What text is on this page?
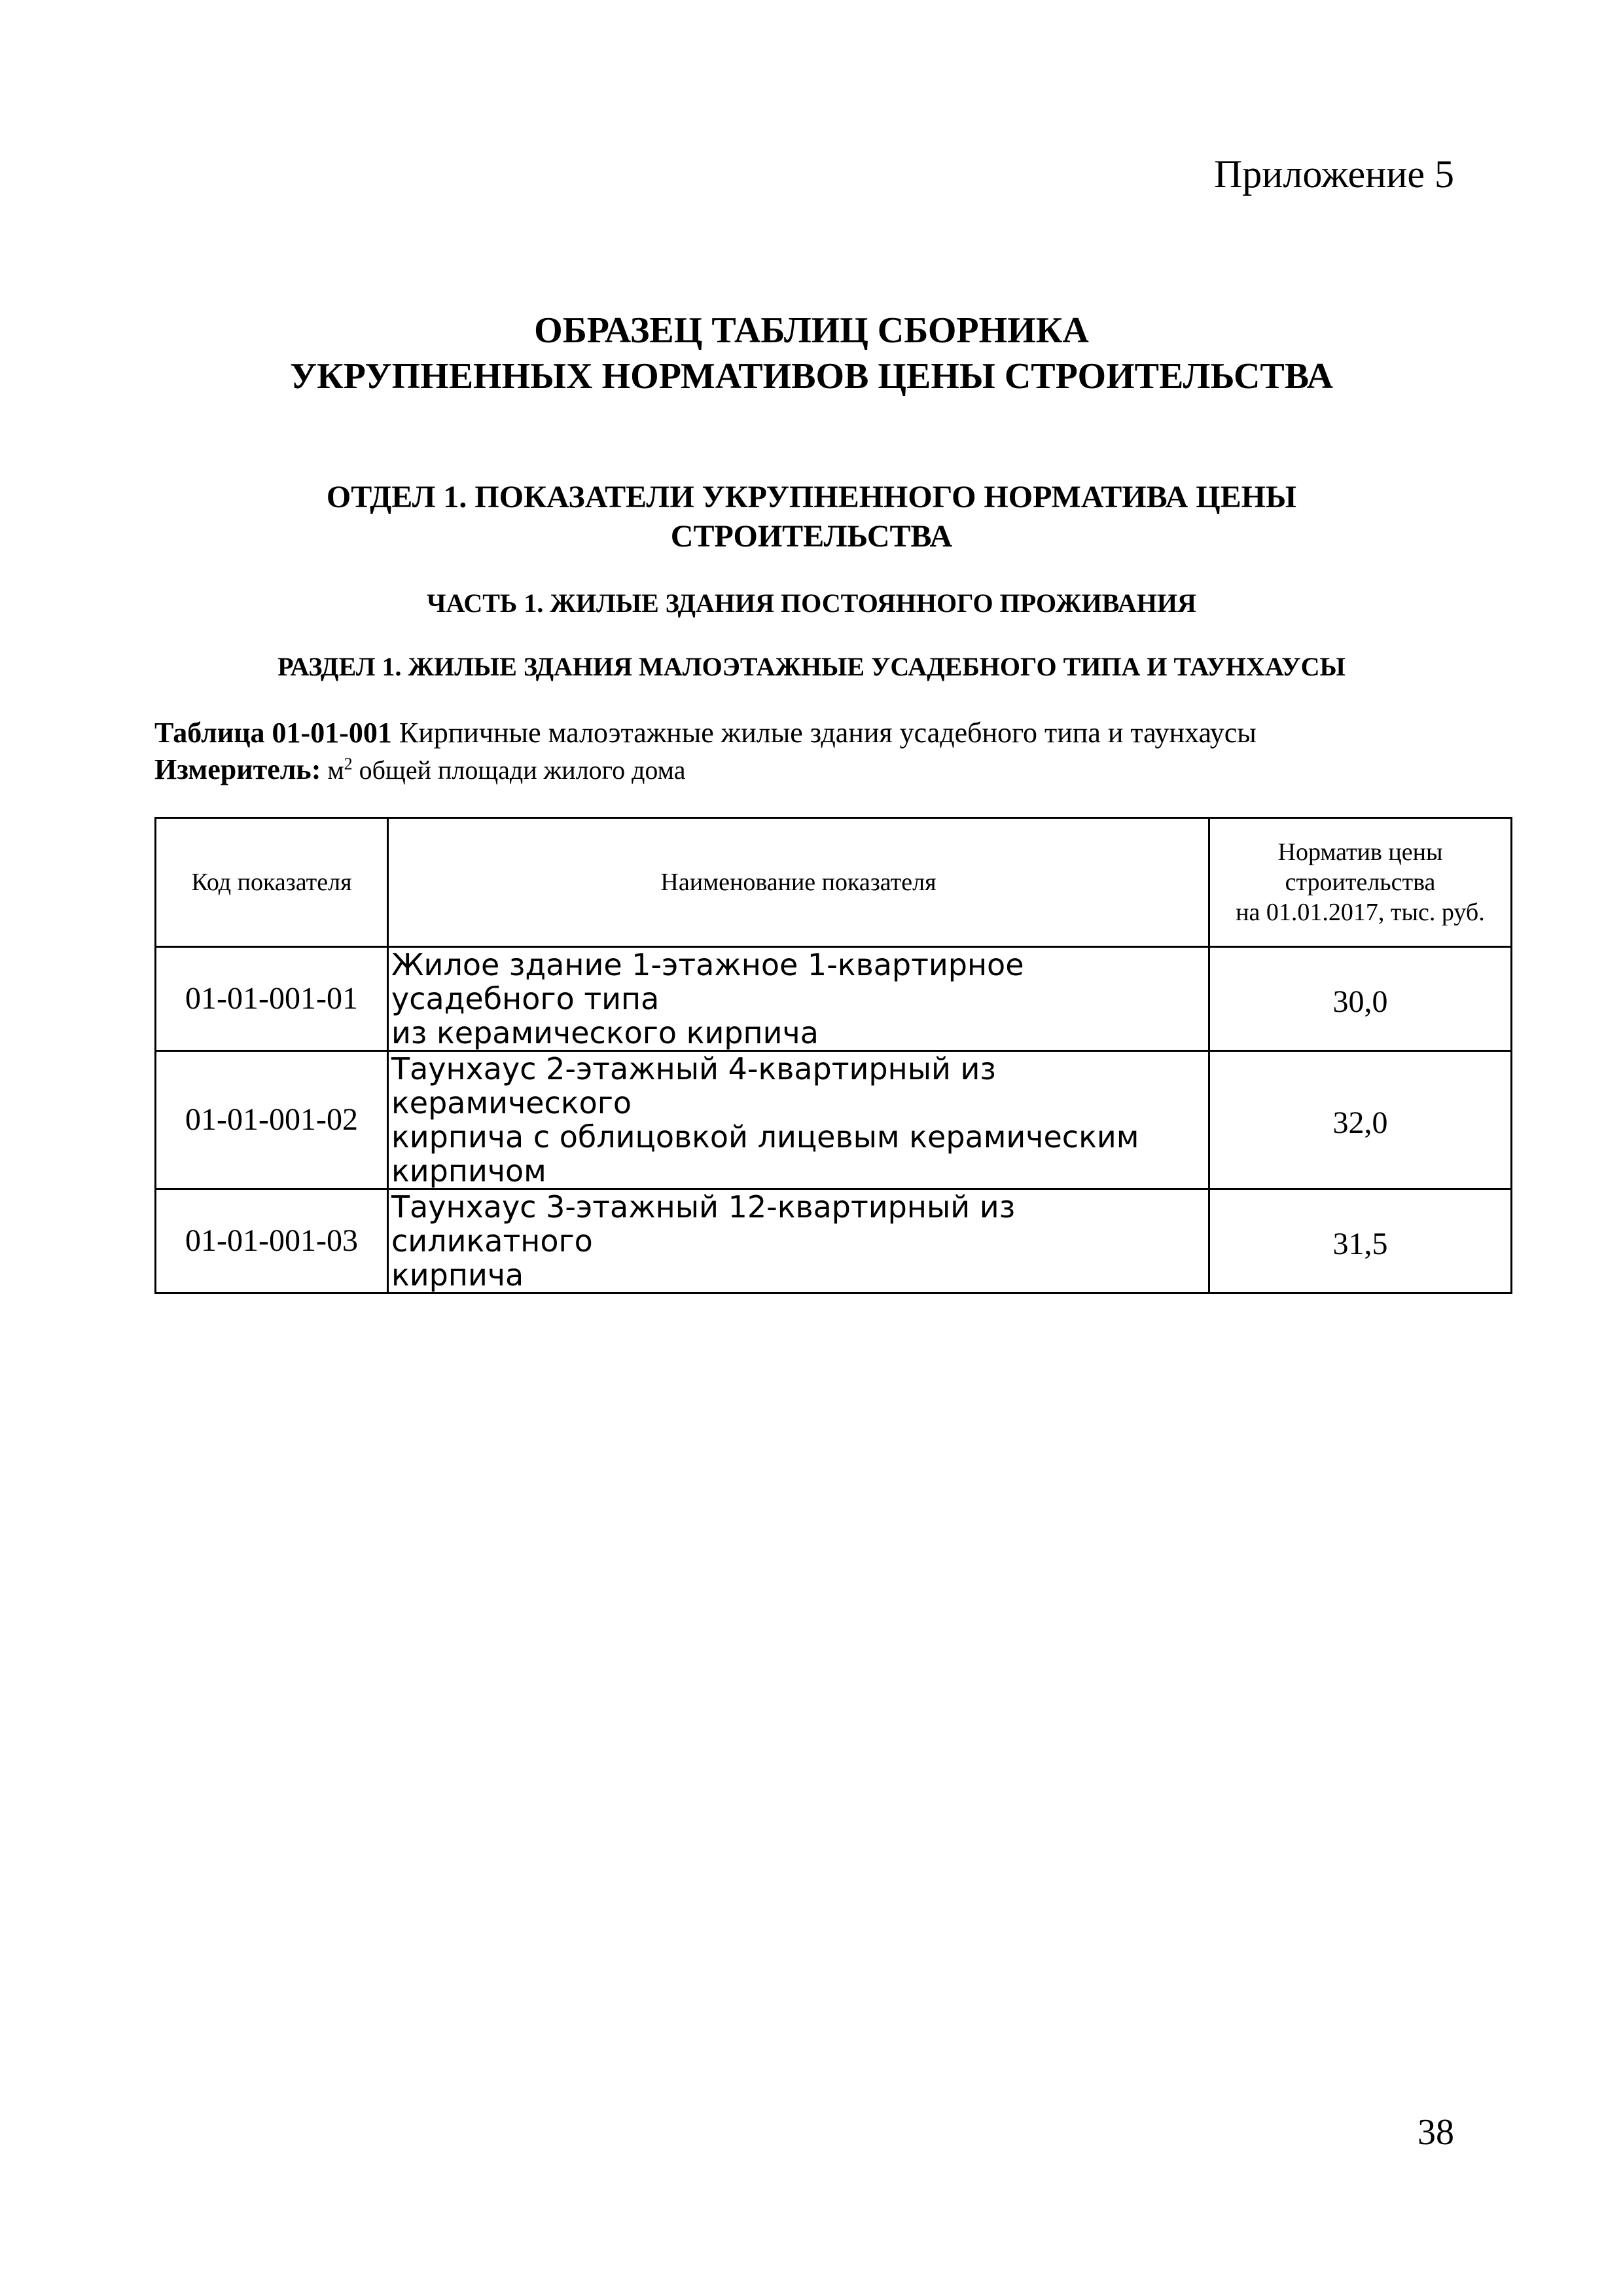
Приложение 5
ОБРАЗЕЦ ТАБЛИЦ СБОРНИКА
УКРУПНЕННЫХ НОРМАТИВОВ ЦЕНЫ СТРОИТЕЛЬСТВА
ОТДЕЛ 1. ПОКАЗАТЕЛИ УКРУПНЕННОГО НОРМАТИВА ЦЕНЫ
СТРОИТЕЛЬСТВА
ЧАСТЬ 1. ЖИЛЫЕ ЗДАНИЯ ПОСТОЯННОГО ПРОЖИВАНИЯ
РАЗДЕЛ 1. ЖИЛЫЕ ЗДАНИЯ МАЛОЭТАЖНЫЕ УСАДЕБНОГО ТИПА И ТАУНХАУСЫ
Таблица 01-01-001 Кирпичные малоэтажные жилые здания усадебного типа и таунхаусы
Измеритель: $м^2$ общей площади жилого дома
Код показателя	Наименование показателя	Норматив цены
строительства
на 01.01.2017, тыс. руб.

01-01-001-01	Жилое здание 1-этажное 1-квартирное усадебного типа
из керамического кирпича	30,0
01-01-001-02	Таунхаус 2-этажный 4-квартирный из керамического
кирпича с облицовкой лицевым керамическим кирпичом	32,0
01-01-001-03	Таунхаус 3-этажный 12-квартирный из силикатного
кирпича	31,5
38
